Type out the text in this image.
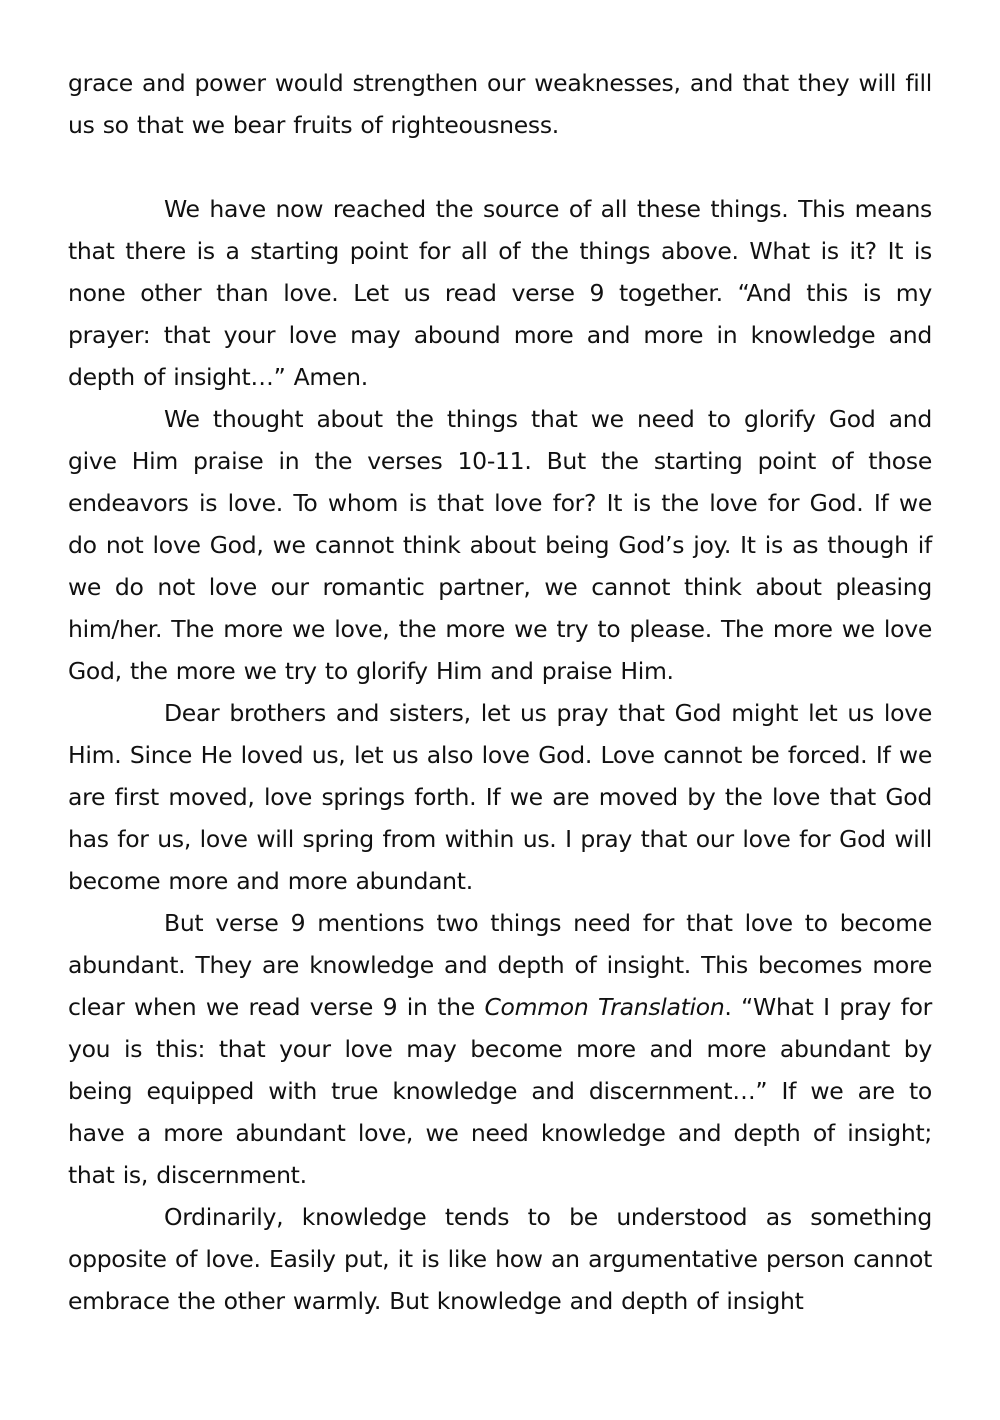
grace and power would strengthen our weaknesses, and that they will fill us so that we bear fruits of righteousness.

We have now reached the source of all these things. This means that there is a starting point for all of the things above. What is it? It is none other than love. Let us read verse 9 together. “And this is my prayer: that your love may abound more and more in knowledge and depth of insight…” Amen.

We thought about the things that we need to glorify God and give Him praise in the verses 10-11. But the starting point of those endeavors is love. To whom is that love for? It is the love for God. If we do not love God, we cannot think about being God’s joy. It is as though if we do not love our romantic partner, we cannot think about pleasing him/her. The more we love, the more we try to please. The more we love God, the more we try to glorify Him and praise Him.

Dear brothers and sisters, let us pray that God might let us love Him. Since He loved us, let us also love God. Love cannot be forced. If we are first moved, love springs forth. If we are moved by the love that God has for us, love will spring from within us. I pray that our love for God will become more and more abundant.

But verse 9 mentions two things need for that love to become abundant. They are knowledge and depth of insight. This becomes more clear when we read verse 9 in the Common Translation. “What I pray for you is this: that your love may become more and more abundant by being equipped with true knowledge and discernment…” If we are to have a more abundant love, we need knowledge and depth of insight; that is, discernment.

Ordinarily, knowledge tends to be understood as something opposite of love. Easily put, it is like how an argumentative person cannot embrace the other warmly. But knowledge and depth of insight
